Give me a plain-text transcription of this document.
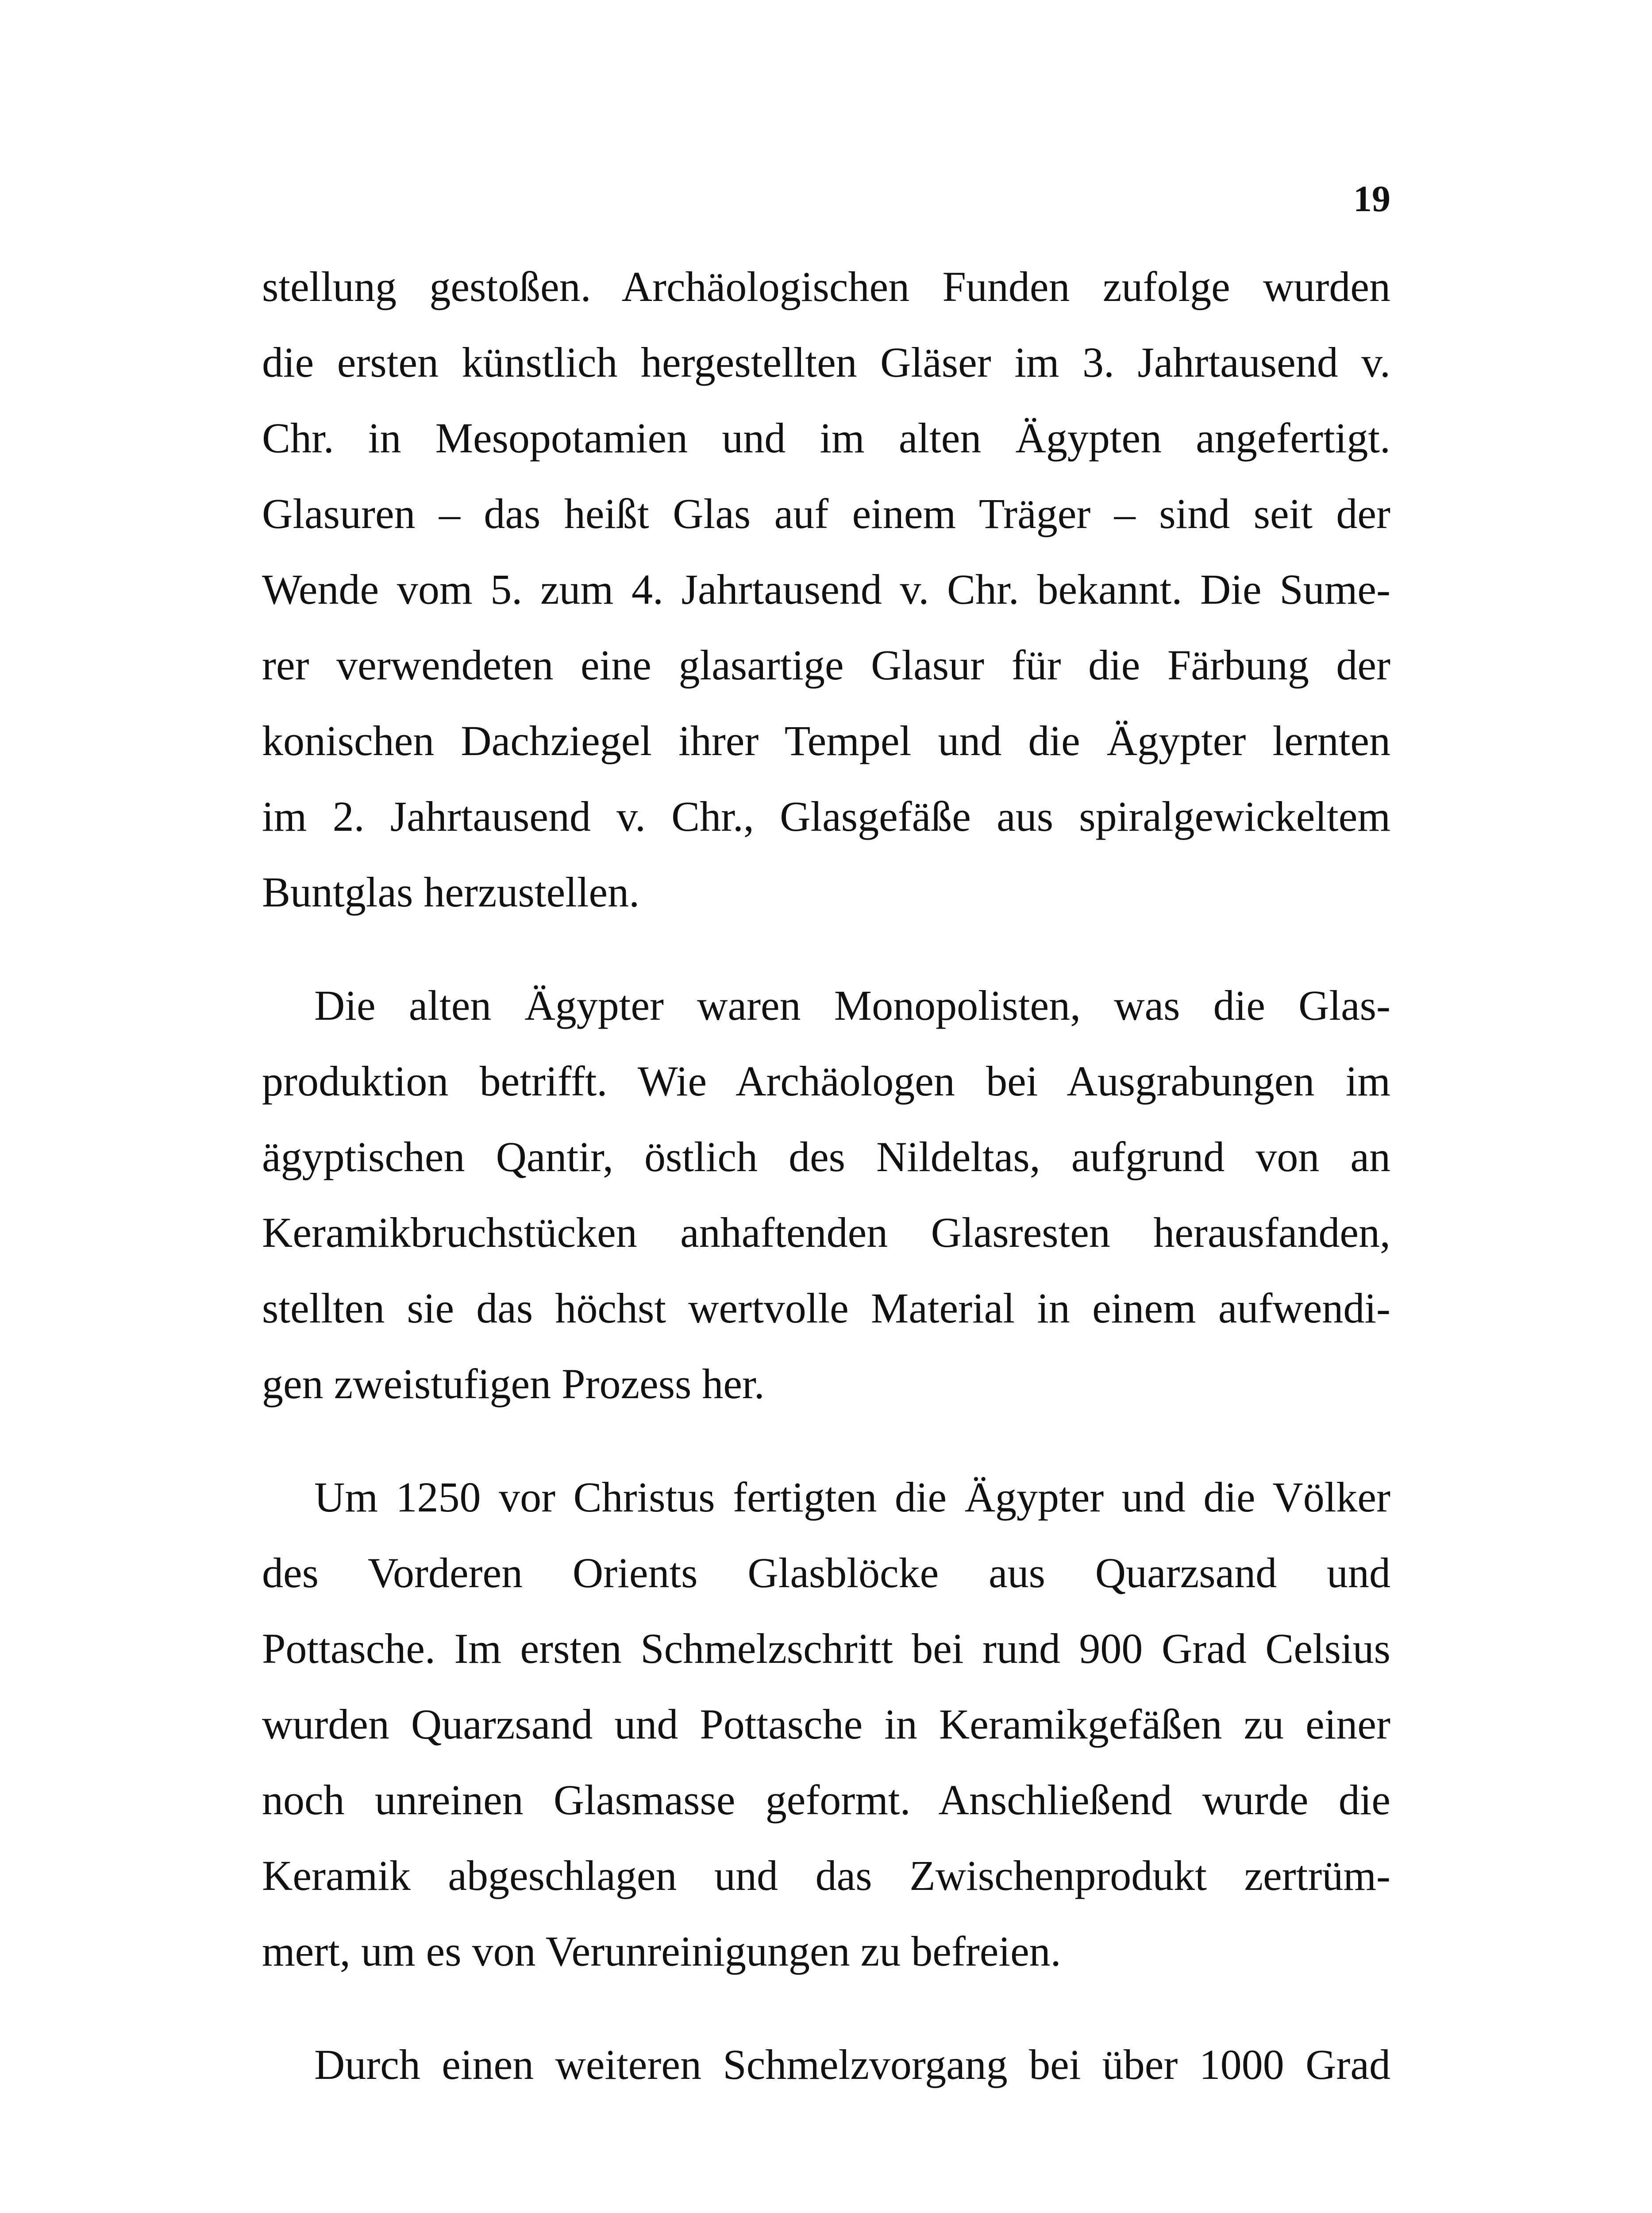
19
stellung gestoßen. Archäologischen Funden zufolge wurden
die ersten künstlich hergestellten Gläser im 3. Jahrtausend v.
Chr. in Mesopotamien und im alten Ägypten angefertigt.
Glasuren – das heißt Glas auf einem Träger – sind seit der
Wende vom 5. zum 4. Jahrtausend v. Chr. bekannt. Die Sume-
rer verwendeten eine glasartige Glasur für die Färbung der
konischen Dachziegel ihrer Tempel und die Ägypter lernten
im 2. Jahrtausend v. Chr., Glasgefäße aus spiralgewickeltem
Buntglas herzustellen.
Die alten Ägypter waren Monopolisten, was die Glas-
produktion betrifft. Wie Archäologen bei Ausgrabungen im
ägyptischen Qantir, östlich des Nildeltas, aufgrund von an
Keramikbruchstücken anhaftenden Glasresten herausfanden,
stellten sie das höchst wertvolle Material in einem aufwendi-
gen zweistufigen Prozess her.
Um 1250 vor Christus fertigten die Ägypter und die Völker
des Vorderen Orients Glasblöcke aus Quarzsand und
Pottasche. Im ersten Schmelzschritt bei rund 900 Grad Celsius
wurden Quarzsand und Pottasche in Keramikgefäßen zu einer
noch unreinen Glasmasse geformt. Anschließend wurde die
Keramik abgeschlagen und das Zwischenprodukt zertrüm-
mert, um es von Verunreinigungen zu befreien.
Durch einen weiteren Schmelzvorgang bei über 1000 Grad
